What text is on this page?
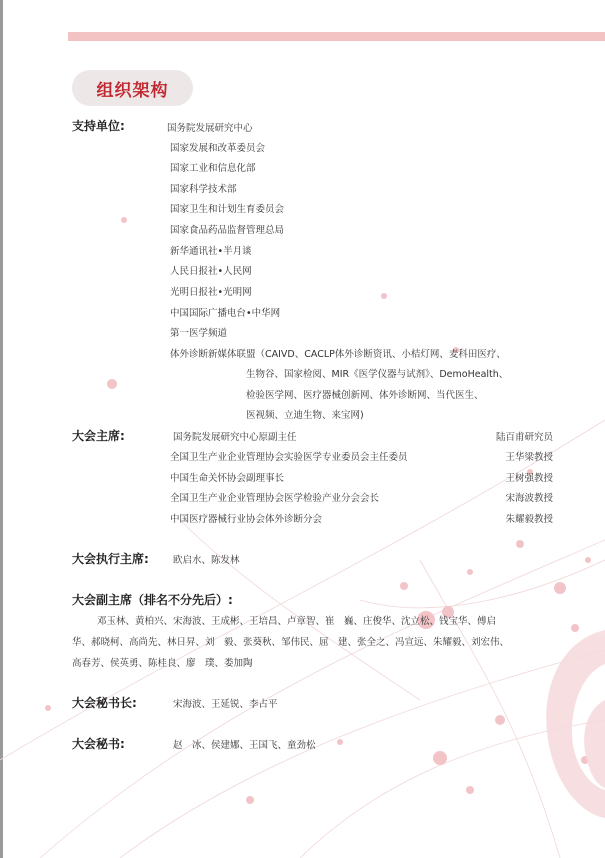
组织架构
支持单位:	国务院发展研究中心
国家发展和改革委员会
国家工业和信息化部
国家科学技术部
国家卫生和计划生育委员会
国家食品药品监督管理总局
新华通讯社•半月谈
人民日报社•人民网
光明日报社•光明网
中国国际广播电台•中华网
第一医学频道
体外诊断新媒体联盟（CAIVD、CACLP体外诊断资讯、小桔灯网、麦科田医疗、
生物谷、国家检阅、MIR《医学仪器与试剂》、DemoHealth、
检验医学网、医疗器械创新网、体外诊断网、当代医生、
医视频、立迪生物、来宝网)
大会主席:	国务院发展研究中心原副主任	陆百甫研究员
全国卫生产业企业管理协会实验医学专业委员会主任委员	王华梁教授
中国生命关怀协会副理事长	王树强教授
全国卫生产业企业管理协会医学检验产业分会会长	宋海波教授
中国医疗器械行业协会体外诊断分会	朱耀毅教授
大会执行主席:	欧启水、陈发林
大会副主席（排名不分先后）:
邓玉林、黄柏兴、宋海波、王成彬、王培昌、卢章智、崔　巍、庄俊华、沈立松、钱宝华、傅启
华、郝晓柯、高尚先、林日昇、刘　毅、张葵秋、邹伟民、屈　建、张全之、冯宣远、朱耀毅、刘宏伟、
高春芳、侯英勇、陈桂良、廖　璞、娄加陶
大会秘书长:	宋海波、王延锐、李占平
大会秘书:	赵　冰、侯建娜、王国飞、童劲松
